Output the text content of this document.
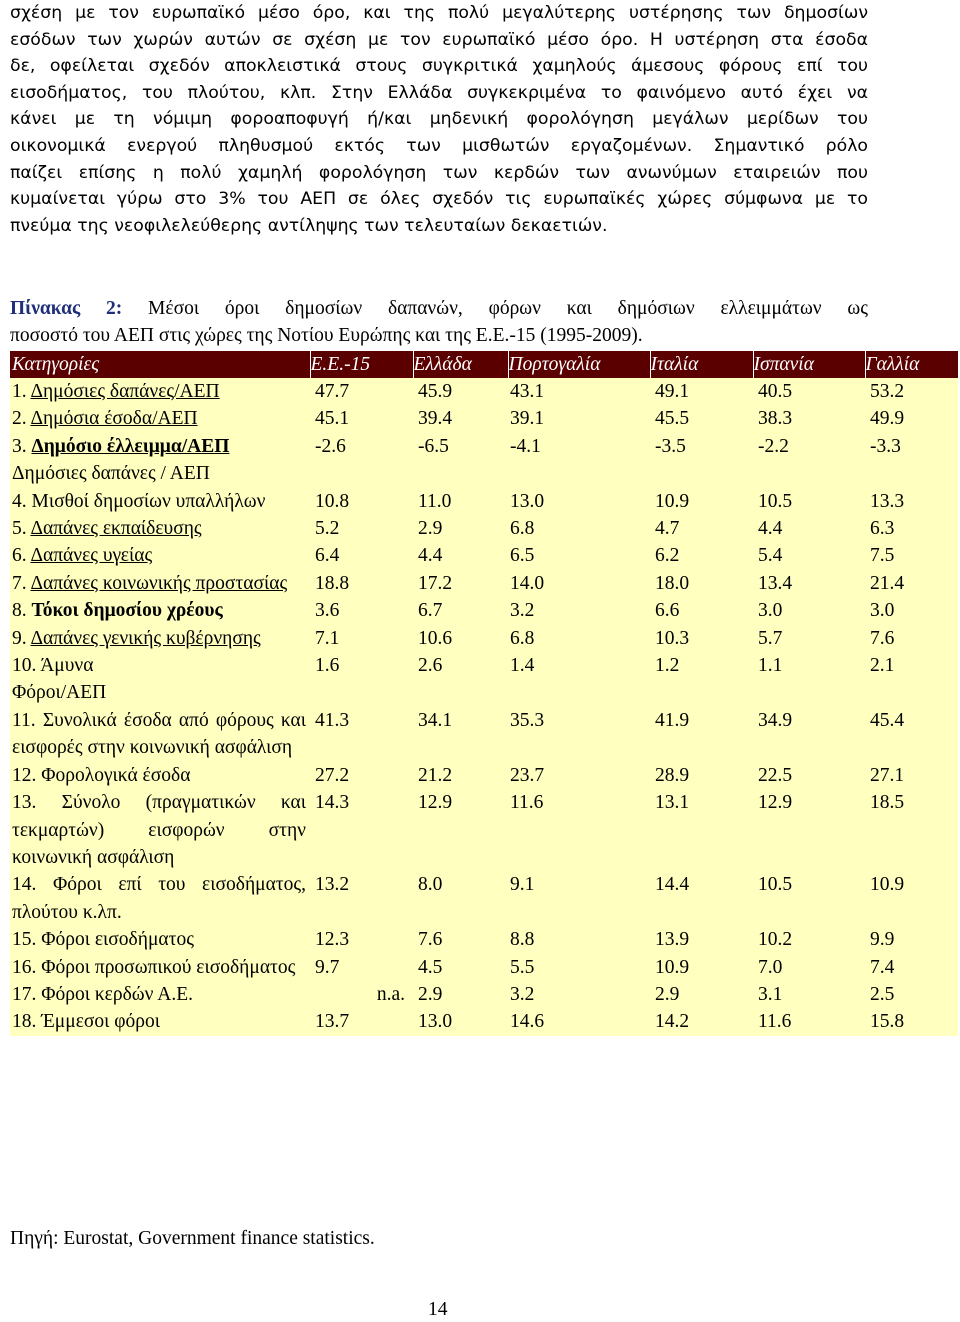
σχέση με τον ευρωπαϊκό μέσο όρο, και της πολύ μεγαλύτερης υστέρησης των δημοσίων
εσόδων των χωρών αυτών σε σχέση με τον ευρωπαϊκό μέσο όρο. Η υστέρηση στα έσοδα
δε, οφείλεται σχεδόν αποκλειστικά στους συγκριτικά χαμηλούς άμεσους φόρους επί του
εισοδήματος, του πλούτου, κλπ. Στην Ελλάδα συγκεκριμένα το φαινόμενο αυτό έχει να
κάνει με τη νόμιμη φοροαποφυγή ή/και μηδενική φορολόγηση μεγάλων μερίδων του
οικονομικά ενεργού πληθυσμού εκτός των μισθωτών εργαζομένων. Σημαντικό ρόλο
παίζει επίσης η πολύ χαμηλή φορολόγηση των κερδών των ανωνύμων εταιρειών που
κυμαίνεται γύρω στο 3% του ΑΕΠ σε όλες σχεδόν τις ευρωπαϊκές χώρες σύμφωνα με το
πνεύμα της νεοφιλελεύθερης αντίληψης των τελευταίων δεκαετιών.
Πίνακας 2: Μέσοι όροι δημοσίων δαπανών, φόρων και δημόσιων ελλειμμάτων ως
ποσοστό του ΑΕΠ στις χώρες της Νοτίου Ευρώπης και της Ε.Ε.-15 (1995-2009).
Κατηγορίες	Ε.Ε.-15	Ελλάδα	Πορτογαλία	Ιταλία	Ισπανία	Γαλλία
1. Δημόσιες δαπάνες/ΑΕΠ	47.7	45.9	43.1	49.1	40.5	53.2
2. Δημόσια έσοδα/ΑΕΠ	45.1	39.4	39.1	45.5	38.3	49.9
3. Δημόσιο έλλειμμα/ΑΕΠ	-2.6	-6.5	-4.1	-3.5	-2.2	-3.3
Δημόσιες δαπάνες / ΑΕΠ						
4. Μισθοί δημοσίων υπαλλήλων	10.8	11.0	13.0	10.9	10.5	13.3
5. Δαπάνες εκπαίδευσης	5.2	2.9	6.8	4.7	4.4	6.3
6. Δαπάνες υγείας	6.4	4.4	6.5	6.2	5.4	7.5
7. Δαπάνες κοινωνικής προστασίας	18.8	17.2	14.0	18.0	13.4	21.4
8. Τόκοι δημοσίου χρέους	3.6	6.7	3.2	6.6	3.0	3.0
9. Δαπάνες γενικής κυβέρνησης	7.1	10.6	6.8	10.3	5.7	7.6
10. Άμυνα	1.6	2.6	1.4	1.2	1.1	2.1
Φόροι/ΑΕΠ						
11. Συνολικά έσοδα από φόρους και εισφορές στην κοινωνική ασφάλιση	41.3	34.1	35.3	41.9	34.9	45.4
12. Φορολογικά έσοδα	27.2	21.2	23.7	28.9	22.5	27.1
13. Σύνολο (πραγματικών και τεκμαρτών) εισφορών στην κοινωνική ασφάλιση	14.3	12.9	11.6	13.1	12.9	18.5
14. Φόροι επί του εισοδήματος, πλούτου κ.λπ.	13.2	8.0	9.1	14.4	10.5	10.9
15. Φόροι εισοδήματος	12.3	7.6	8.8	13.9	10.2	9.9
16. Φόροι προσωπικού εισοδήματος	9.7	4.5	5.5	10.9	7.0	7.4
17. Φόροι κερδών Α.Ε.	n.a.	2.9	3.2	2.9	3.1	2.5
18. Έμμεσοι φόροι	13.7	13.0	14.6	14.2	11.6	15.8
Πηγή: Eurostat, Government finance statistics.
14
